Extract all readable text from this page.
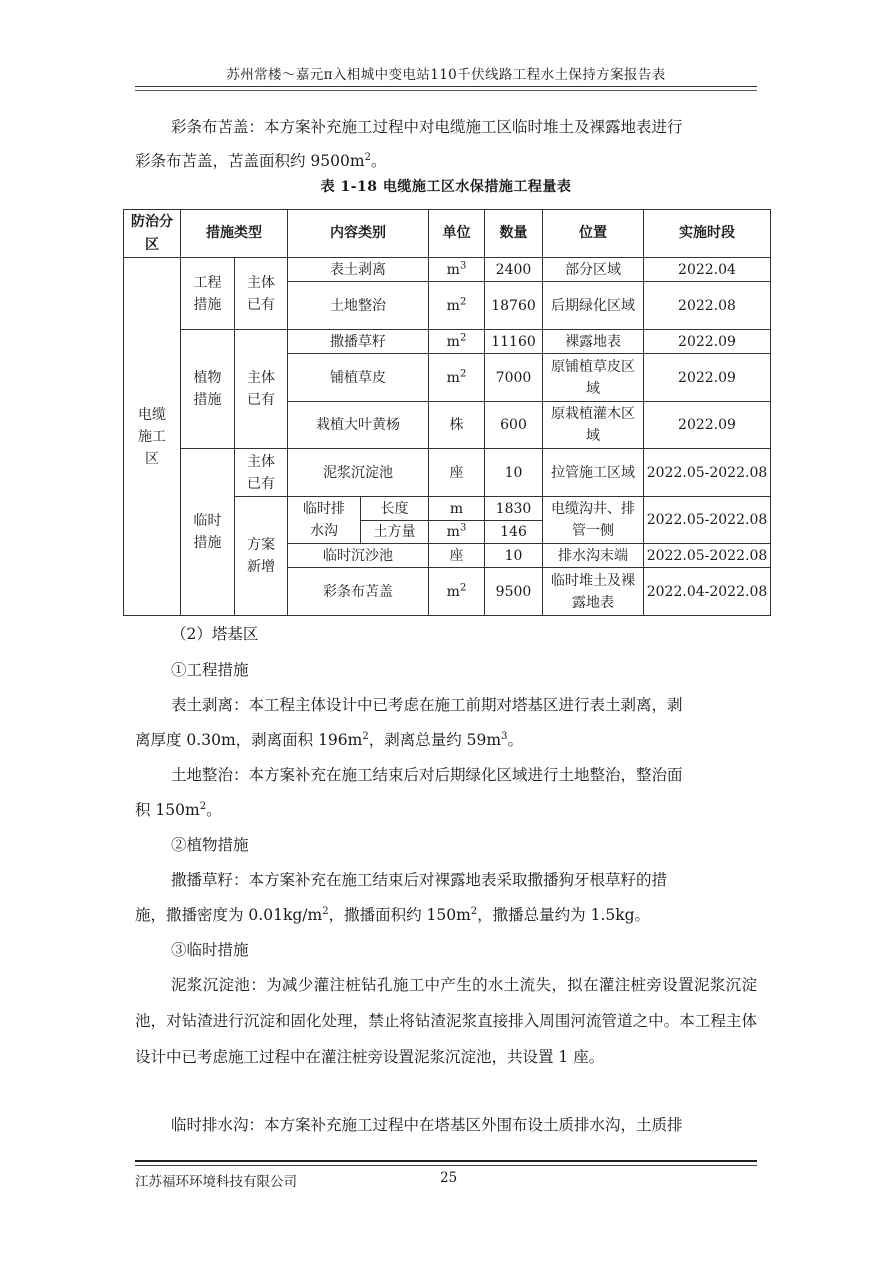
苏州常楼～嘉元π入相城中变电站110千伏线路工程水土保持方案报告表
彩条布苫盖：本方案补充施工过程中对电缆施工区临时堆土及裸露地表进行
彩条布苫盖，苫盖面积约 $9500m^2$。
表 1-18 电缆施工区水保措施工程量表
防治分区	措施类型		内容类别		单位	数量	位置	实施时段
电缆施工区	工程措施	主体已有	表土剥离		$m^3$	2400	部分区域	2022.04
			土地整治		$m^2$	18760	后期绿化区域	2022.08
	植物措施	主体已有	撒播草籽		$m^2$	11160	裸露地表	2022.09
			铺植草皮		$m^2$	7000	原铺植草皮区域	2022.09
			栽植大叶黄杨		株	600	原栽植灌木区域	2022.09
	临时措施	主体已有	泥浆沉淀池		座	10	拉管施工区域	2022.05-2022.08
		方案新增	临时排水沟	长度	m	1830	电缆沟井、排管一侧	2022.05-2022.08
				土方量	$m^3$	146		
			临时沉沙池		座	10	排水沟末端	2022.05-2022.08
			彩条布苫盖		$m^2$	9500	临时堆土及裸露地表	2022.04-2022.08
（2）塔基区
①工程措施
表土剥离：本工程主体设计中已考虑在施工前期对塔基区进行表土剥离，剥
离厚度 0.30m，剥离面积 $196m^2$，剥离总量约 $59m^3$。
土地整治：本方案补充在施工结束后对后期绿化区域进行土地整治，整治面
积 $150m^2$。
②植物措施
撒播草籽：本方案补充在施工结束后对裸露地表采取撒播狗牙根草籽的措
施，撒播密度为 $0.01kg/m^2$，撒播面积约 $150m^2$，撒播总量约为 1.5kg。
③临时措施
泥浆沉淀池：为减少灌注桩钻孔施工中产生的水土流失，拟在灌注桩旁设置泥浆沉淀池，对钻渣进行沉淀和固化处理，禁止将钻渣泥浆直接排入周围河流管道之中。本工程主体设计中已考虑施工过程中在灌注桩旁设置泥浆沉淀池，共设置 1 座。
临时排水沟：本方案补充施工过程中在塔基区外围布设土质排水沟，土质排
江苏福环环境科技有限公司	25
